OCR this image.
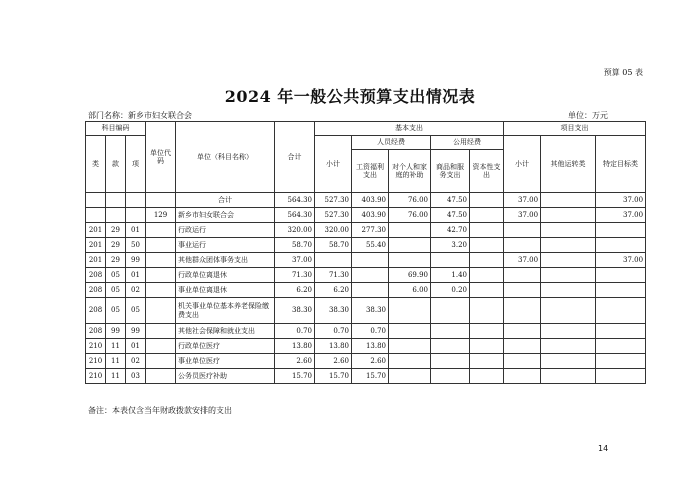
预算 05 表
2024 年一般公共预算支出情况表
部门名称：新乡市妇女联合会	单位：万元
科目编码			单位代码	单位（科目名称）	合计	基本支出					项目支出		
类	款	项				小计	人员经费		公用经费		小计	其他运转类	特定目标类
							工资福利支出	对个人和家庭的补助	商品和服务支出	资本性支出			
				合计	564.30	527.30	403.90	76.00	47.50		37.00		37.00
			129	新乡市妇女联合会	564.30	527.30	403.90	76.00	47.50		37.00		37.00
201	29	01		行政运行	320.00	320.00	277.30		42.70				
201	29	50		事业运行	58.70	58.70	55.40		3.20				
201	29	99		其他群众团体事务支出	37.00						37.00		37.00
208	05	01		行政单位离退休	71.30	71.30		69.90	1.40				
208	05	02		事业单位离退休	6.20	6.20		6.00	0.20				
208	05	05		机关事业单位基本养老保险缴费支出	38.30	38.30	38.30						
208	99	99		其他社会保障和就业支出	0.70	0.70	0.70						
210	11	01		行政单位医疗	13.80	13.80	13.80						
210	11	02		事业单位医疗	2.60	2.60	2.60						
210	11	03		公务员医疗补助	15.70	15.70	15.70						
备注：本表仅含当年财政拨款安排的支出
14
